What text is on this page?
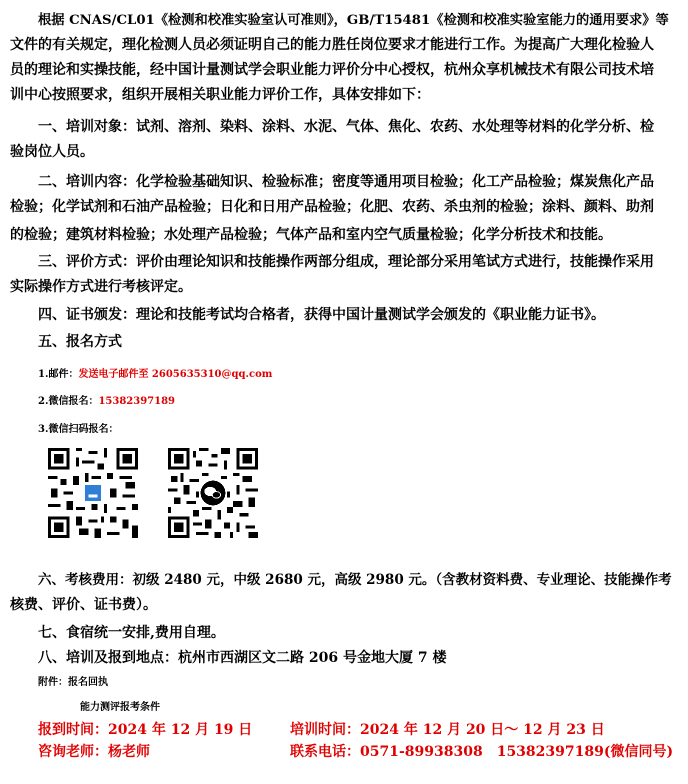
根据 CNAS/CL01《检测和校准实验室认可准则》，GB/T15481《检测和校准实验室能力的通用要求》等
文件的有关规定，理化检测人员必须证明自己的能力胜任岗位要求才能进行工作。为提高广大理化检验人
员的理论和实操技能，经中国计量测试学会职业能力评价分中心授权，杭州众享机械技术有限公司技术培
训中心按照要求，组织开展相关职业能力评价工作，具体安排如下：
一、培训对象：试剂、溶剂、染料、涂料、水泥、气体、焦化、农药、水处理等材料的化学分析、检
验岗位人员。
二、培训内容：化学检验基础知识、检验标准；密度等通用项目检验；化工产品检验；煤炭焦化产品
检验；化学试剂和石油产品检验；日化和日用产品检验；化肥、农药、杀虫剂的检验；涂料、颜料、助剂
的检验；建筑材料检验；水处理产品检验；气体产品和室内空气质量检验；化学分析技术和技能。
三、评价方式：评价由理论知识和技能操作两部分组成，理论部分采用笔试方式进行，技能操作采用
实际操作方式进行考核评定。
四、证书颁发：理论和技能考试均合格者，获得中国计量测试学会颁发的《职业能力证书》。
五、报名方式
1.邮件：发送电子邮件至 2605635310@qq.com
2.微信报名：15382397189
3.微信扫码报名：
六、考核费用：初级 2480 元，中级 2680 元，高级 2980 元。（含教材资料费、专业理论、技能操作考
核费、评价、证书费）。
七、食宿统一安排,费用自理。
八、培训及报到地点：杭州市西湖区文二路 206 号金地大厦 7 楼
附件：报名回执
能力测评报考条件
报到时间：2024 年 12 月 19 日	培训时间：2024 年 12 月 20 日～ 12 月 23 日
咨询老师：杨老师	联系电话：0571-89938308　15382397189(微信同号)
